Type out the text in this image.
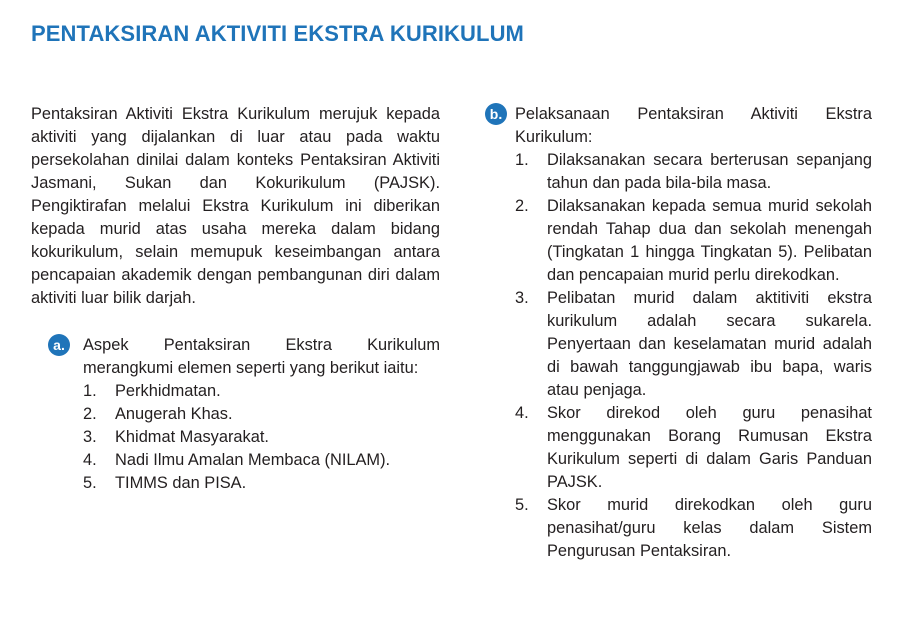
PENTAKSIRAN AKTIVITI EKSTRA KURIKULUM

Pentaksiran Aktiviti Ekstra Kurikulum merujuk kepada aktiviti yang dijalankan di luar atau pada waktu persekolahan dinilai dalam konteks Pentaksiran Aktiviti Jasmani, Sukan dan Kokurikulum (PAJSK). Pengiktirafan melalui Ekstra Kurikulum ini diberikan kepada murid atas usaha mereka dalam bidang kokurikulum, selain memupuk keseimbangan antara pencapaian akademik dengan pembangunan diri dalam aktiviti luar bilik darjah.

a.	Aspek Pentaksiran Ekstra Kurikulum merangkumi elemen seperti yang berikut iaitu:
1. Perkhidmatan.
2. Anugerah Khas.
3. Khidmat Masyarakat.
4. Nadi Ilmu Amalan Membaca (NILAM).
5. TIMMS dan PISA.
b. Pelaksanaan Pentaksiran Aktiviti Ekstra Kurikulum:
1. Dilaksanakan secara berterusan sepanjang tahun dan pada bila-bila masa.
2. Dilaksanakan kepada semua murid sekolah rendah Tahap dua dan sekolah menengah (Tingkatan 1 hingga Tingkatan 5). Pelibatan dan pencapaian murid perlu direkodkan.
3. Pelibatan murid dalam aktitiviti ekstra kurikulum adalah secara sukarela. Penyertaan dan keselamatan murid adalah di bawah tanggungjawab ibu bapa, waris atau penjaga.
4. Skor direkod oleh guru penasihat menggunakan Borang Rumusan Ekstra Kurikulum seperti di dalam Garis Panduan PAJSK.
5. Skor murid direkodkan oleh guru penasihat/guru kelas dalam Sistem Pengurusan Pentaksiran.
